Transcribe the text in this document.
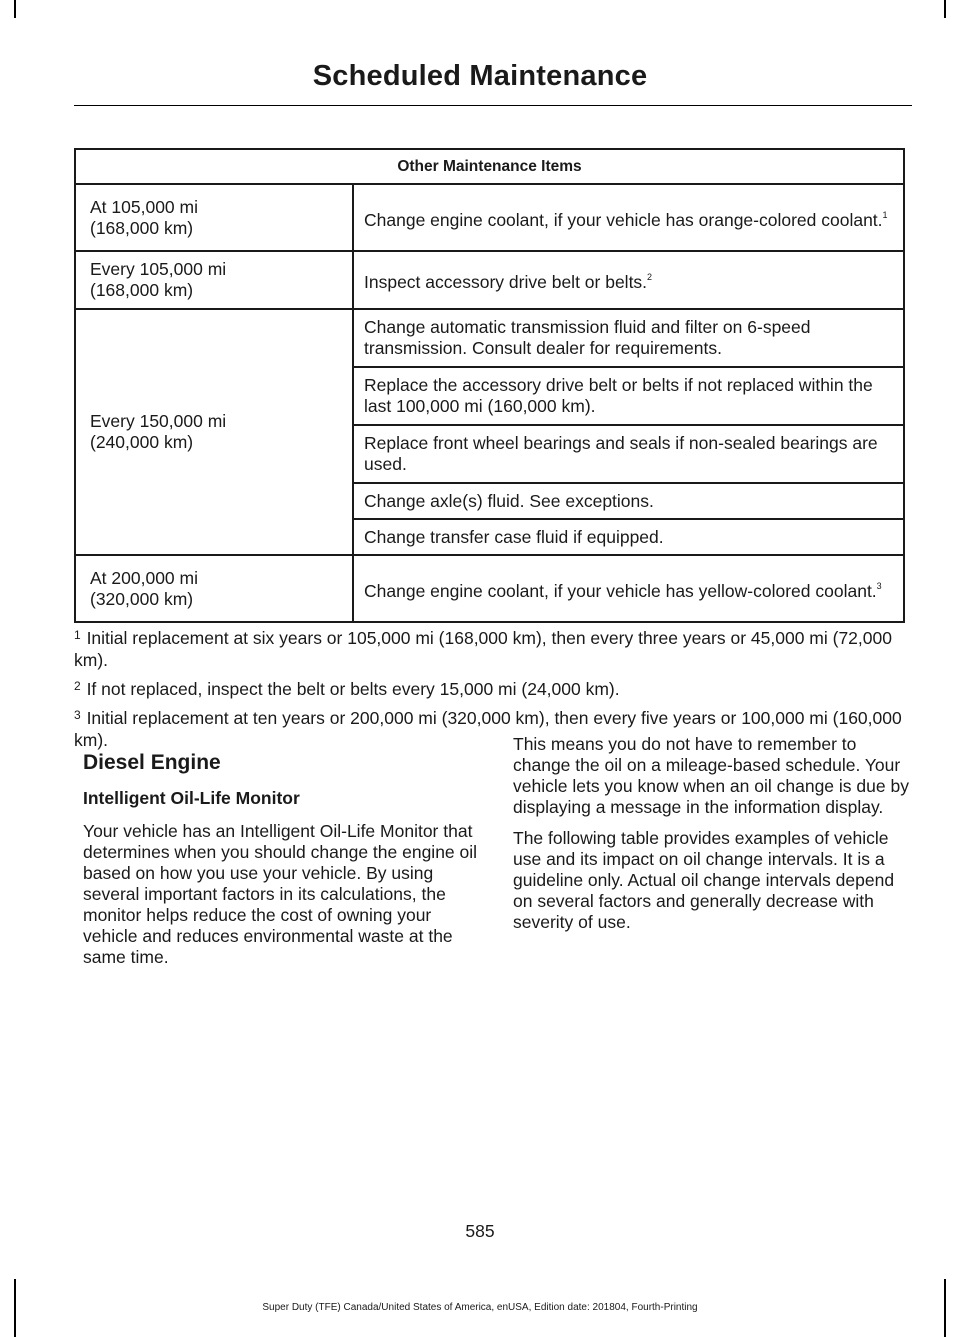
Scheduled Maintenance
Other Maintenance Items	
At 105,000 mi
(168,000 km)	Change engine coolant, if your vehicle has orange-colored coolant.$^1$
Every 105,000 mi
(168,000 km)	Inspect accessory drive belt or belts.$^2$
Every 150,000 mi
(240,000 km)	Change automatic transmission fluid and filter on 6-speed transmission. Consult dealer for requirements.
	Replace the accessory drive belt or belts if not replaced within the last 100,000 mi (160,000 km).
	Replace front wheel bearings and seals if non-sealed bearings are used.
	Change axle(s) fluid. See exceptions.
	Change transfer case fluid if equipped.
At 200,000 mi
(320,000 km)	Change engine coolant, if your vehicle has yellow-colored coolant.$^3$

$^1$ Initial replacement at six years or 105,000 mi (168,000 km), then every three years or 45,000 mi (72,000 km).

$^2$ If not replaced, inspect the belt or belts every 15,000 mi (24,000 km).

$^3$ Initial replacement at ten years or 200,000 mi (320,000 km), then every five years or 100,000 mi (160,000 km).

Diesel Engine
Intelligent Oil-Life Monitor

Your vehicle has an Intelligent Oil-Life Monitor that determines when you should change the engine oil based on how you use your vehicle. By using several important factors in its calculations, the monitor helps reduce the cost of owning your vehicle and reduces environmental waste at the same time.

This means you do not have to remember to change the oil on a mileage-based schedule. Your vehicle lets you know when an oil change is due by displaying a message in the information display.

The following table provides examples of vehicle use and its impact on oil change intervals. It is a guideline only. Actual oil change intervals depend on several factors and generally decrease with severity of use.

585
Super Duty (TFE) Canada/United States of America, enUSA, Edition date: 201804, Fourth-Printing
